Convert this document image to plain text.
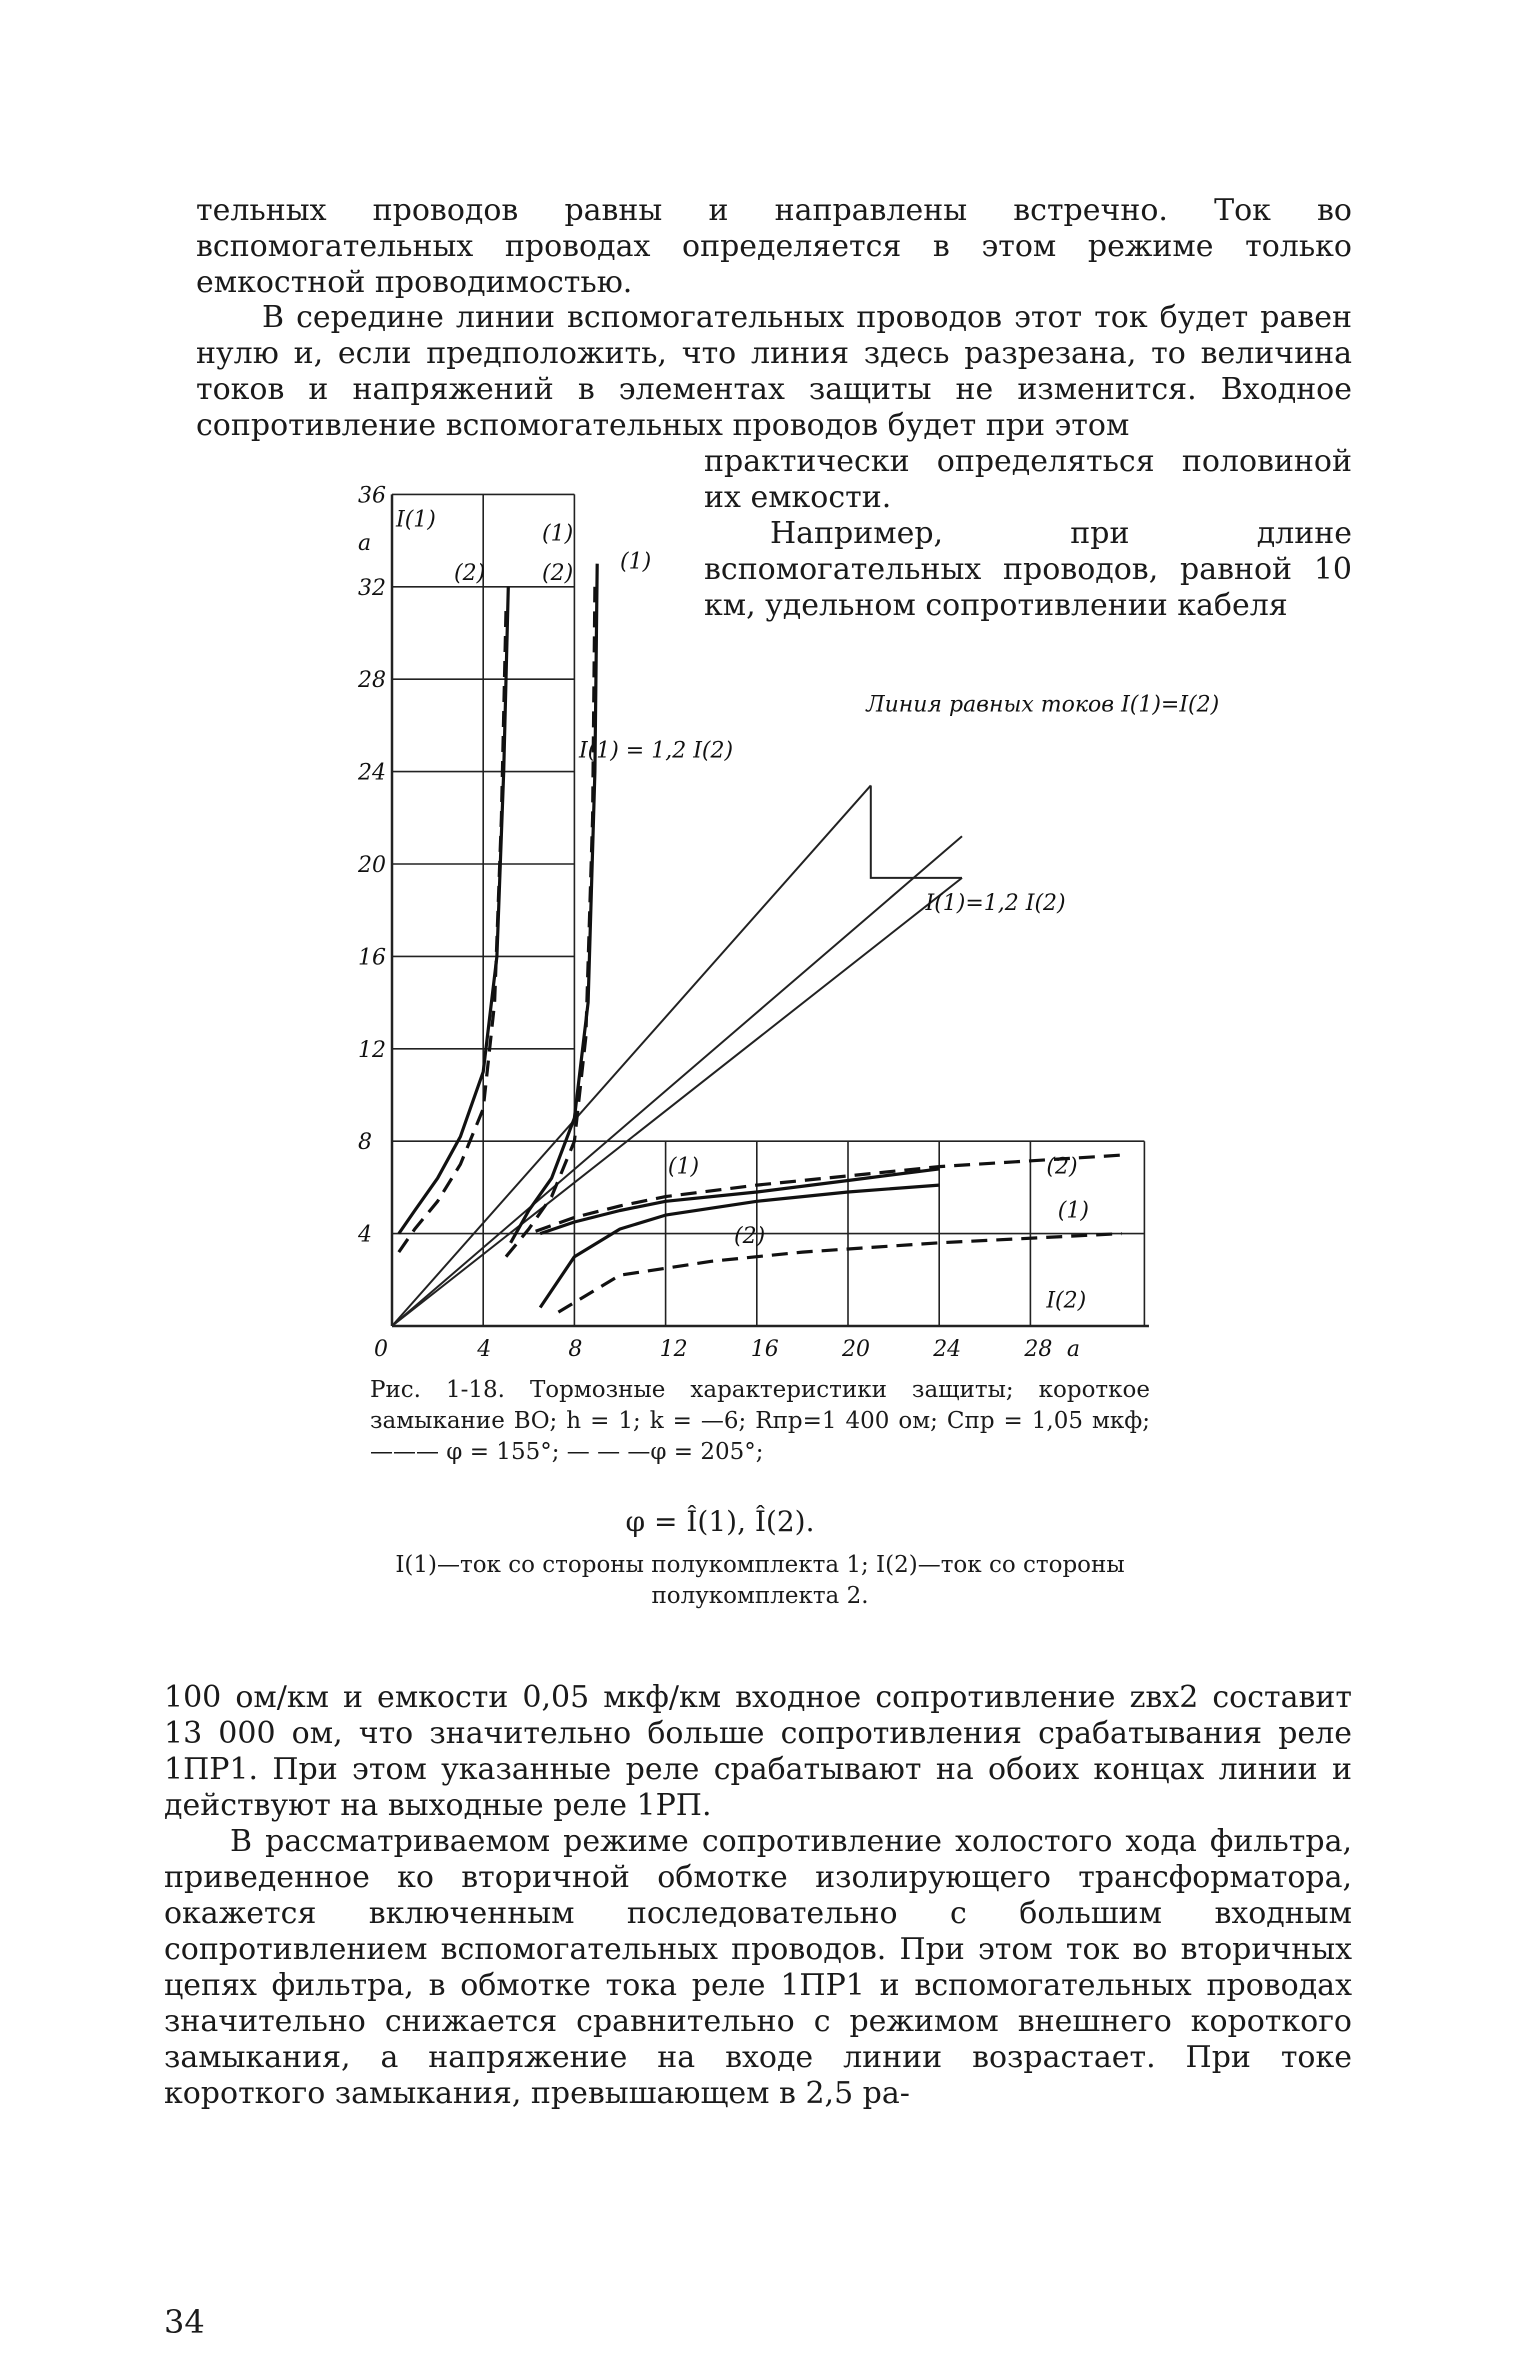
тельных проводов равны и направлены встречно. Ток во вспомогательных проводах определяется в этом режиме только емкостной проводимостью.

В середине линии вспомогательных проводов этот ток будет равен нулю и, если предположить, что линия здесь разрезана, то величина токов и напряжений в элементах защиты не изменится. Входное сопротивление вспомогательных проводов будет при этом

практически определяться половиной их емкости.

Например, при длине вспомогательных проводов, равной 10 км, удельном сопротивлении кабеля

0	4	8	12	16	20	24	28
4
8
12
16
20
24
28
32
36
I(1)
(2)
(1)
(2) (1)
(1)
(2)
(2)
(1)
I(2)
а
а
I(1) = 1,2 I(2)
Линия равных токов I(1)=I(2)
I(1)=1,2 I(2)
Рис. 1-18. Тормозные характеристики защиты; короткое замыкание ВО; h = 1; k = —6; Rпр=1 400 ом; Cпр = 1,05 мкф; ——— φ = 155°; — — —φ = 205°;
φ = Î(1), Î(2).
I(1)—ток со стороны полукомплекта 1; I(2)—ток со стороны полукомплекта 2.

100 ом/км и емкости 0,05 мкф/км входное сопротивление zвх2 составит 13 000 ом, что значительно больше сопротивления срабатывания реле 1ПР1. При этом указанные реле срабатывают на обоих концах линии и действуют на выходные реле 1РП.

В рассматриваемом режиме сопротивление холостого хода фильтра, приведенное ко вторичной обмотке изолирующего трансформатора, окажется включенным последовательно с большим входным сопротивлением вспомогательных проводов. При этом ток во вторичных цепях фильтра, в обмотке тока реле 1ПР1 и вспомогательных проводах значительно снижается сравнительно с режимом внешнего короткого замыкания, а напряжение на входе линии возрастает. При токе короткого замыкания, превышающем в 2,5 ра-

34
